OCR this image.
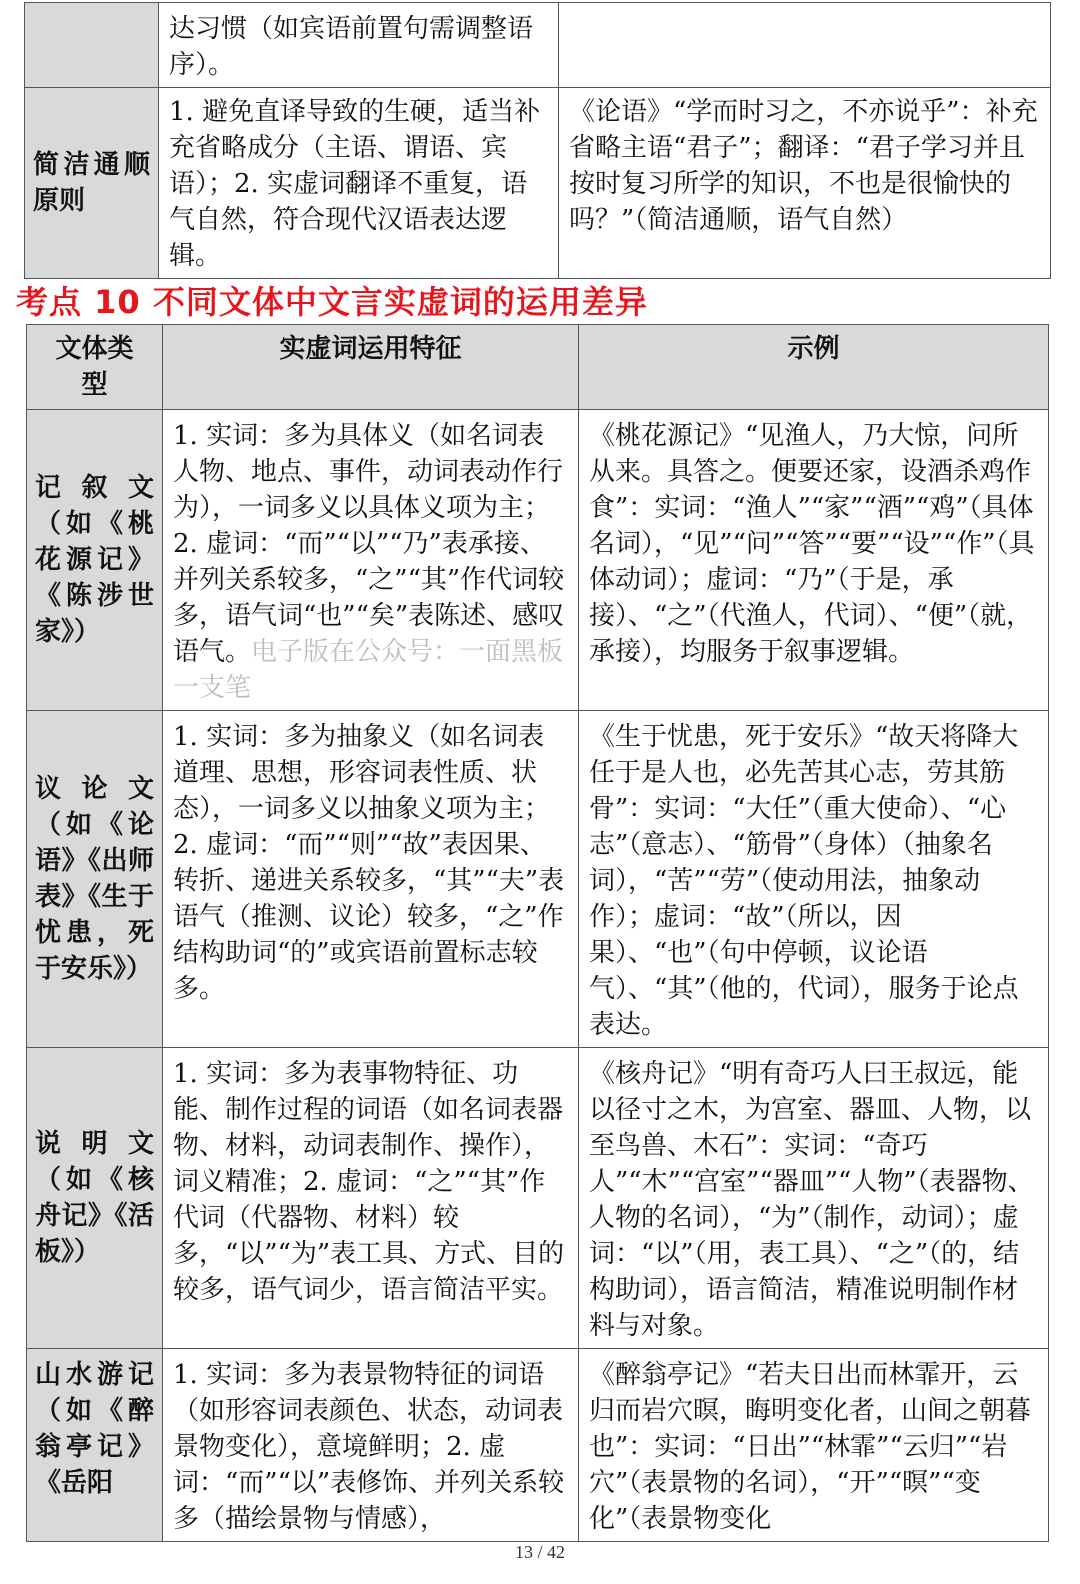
	达习惯（如宾语前置句需调整语序）。	
简洁通顺原则	1. 避免直译导致的生硬，适当补充省略成分（主语、谓语、宾语）；2. 实虚词翻译不重复，语气自然，符合现代汉语表达逻辑。	《论语》“学而时习之，不亦说乎”：补充省略主语“君子”；翻译：“君子学习并且按时复习所学的知识，不也是很愉快的吗？”（简洁通顺，语气自然）
考点 10 不同文体中文言实虚词的运用差异
文体类型	实虚词运用特征	示例
记叙文（如《桃花源记》《陈涉世家》）	1. 实词：多为具体义（如名词表人物、地点、事件，动词表动作行为），一词多义以具体义项为主；2. 虚词：“而”“以”“乃”表承接、并列关系较多，“之”“其”作代词较多，语气词“也”“矣”表陈述、感叹语气。电子版在公众号：一面黑板一支笔	《桃花源记》“见渔人，乃大惊，问所从来。具答之。便要还家，设酒杀鸡作食”：实词：“渔人”“家”“酒”“鸡”（具体名词），“见”“问”“答”“要”“设”“作”（具体动词）；虚词：“乃”（于是，承接）、“之”（代渔人，代词）、“便”（就，承接），均服务于叙事逻辑。
议论文（如《论语》《出师表》《生于忧患，死于安乐》）	1. 实词：多为抽象义（如名词表道理、思想，形容词表性质、状态），一词多义以抽象义项为主；2. 虚词：“而”“则”“故”表因果、转折、递进关系较多，“其”“夫”表语气（推测、议论）较多，“之”作结构助词“的”或宾语前置标志较多。	《生于忧患，死于安乐》“故天将降大任于是人也，必先苦其心志，劳其筋骨”：实词：“大任”（重大使命）、“心志”（意志）、“筋骨”（身体）（抽象名词），“苦”“劳”（使动用法，抽象动作）；虚词：“故”（所以，因果）、“也”（句中停顿，议论语气）、“其”（他的，代词），服务于论点表达。
说明文（如《核舟记》《活板》）	1. 实词：多为表事物特征、功能、制作过程的词语（如名词表器物、材料，动词表制作、操作），词义精准；2. 虚词：“之”“其”作代词（代器物、材料）较多，“以”“为”表工具、方式、目的较多，语气词少，语言简洁平实。	《核舟记》“明有奇巧人曰王叔远，能以径寸之木，为宫室、器皿、人物，以至鸟兽、木石”：实词：“奇巧人”“木”“宫室”“器皿”“人物”（表器物、人物的名词），“为”（制作，动词）；虚词：“以”（用，表工具）、“之”（的，结构助词），语言简洁，精准说明制作材料与对象。
山水游记（如《醉翁亭记》《岳阳	1. 实词：多为表景物特征的词语（如形容词表颜色、状态，动词表景物变化），意境鲜明；2. 虚词：“而”“以”表修饰、并列关系较多（描绘景物与情感），	《醉翁亭记》“若夫日出而林霏开，云归而岩穴暝，晦明变化者，山间之朝暮也”：实词：“日出”“林霏”“云归”“岩穴”（表景物的名词），“开”“暝”“变化”（表景物变化
13 / 42
